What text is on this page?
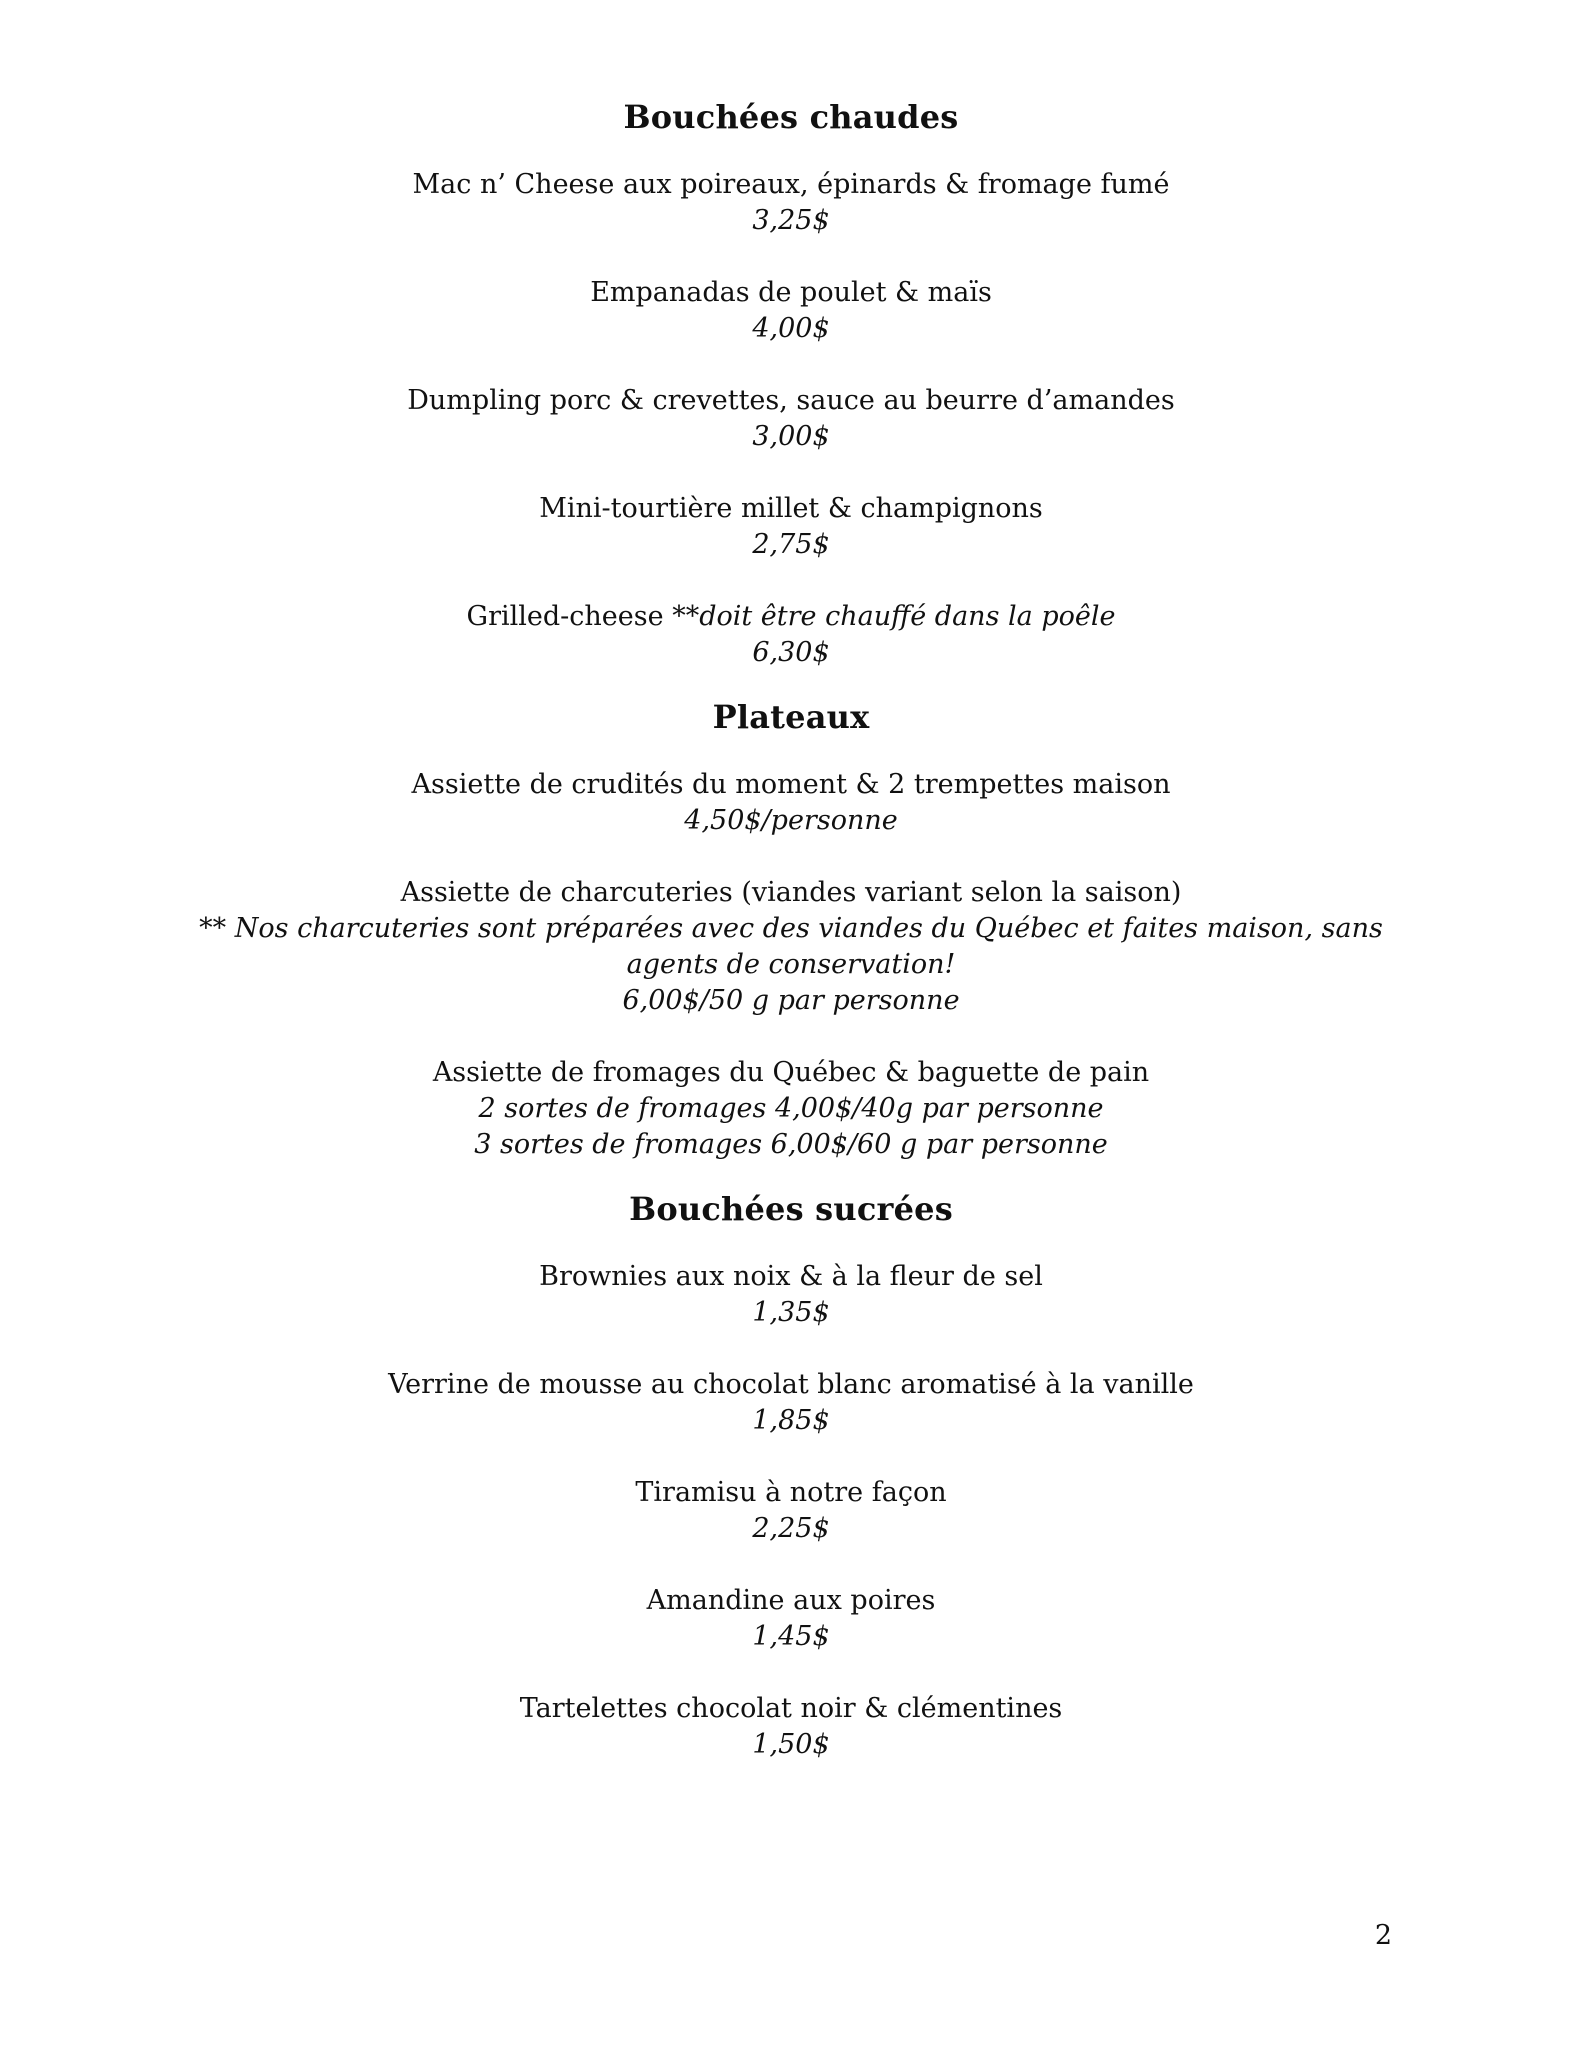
Bouchées chaudes

Mac n’ Cheese aux poireaux, épinards & fromage fumé

3,25$

Empanadas de poulet & maïs

4,00$

Dumpling porc & crevettes, sauce au beurre d’amandes

3,00$

Mini-tourtière millet & champignons

2,75$

Grilled-cheese **doit être chauffé dans la poêle

6,30$

Plateaux

Assiette de crudités du moment & 2 trempettes maison

4,50$/personne

Assiette de charcuteries (viandes variant selon la saison)

** Nos charcuteries sont préparées avec des viandes du Québec et faites maison, sans agents de conservation!

6,00$/50 g par personne

Assiette de fromages du Québec & baguette de pain

2 sortes de fromages 4,00$/40g par personne

3 sortes de fromages 6,00$/60 g par personne

Bouchées sucrées

Brownies aux noix & à la fleur de sel

1,35$

Verrine de mousse au chocolat blanc aromatisé à la vanille

1,85$

Tiramisu à notre façon

2,25$

Amandine aux poires

1,45$

Tartelettes chocolat noir & clémentines

1,50$

2
